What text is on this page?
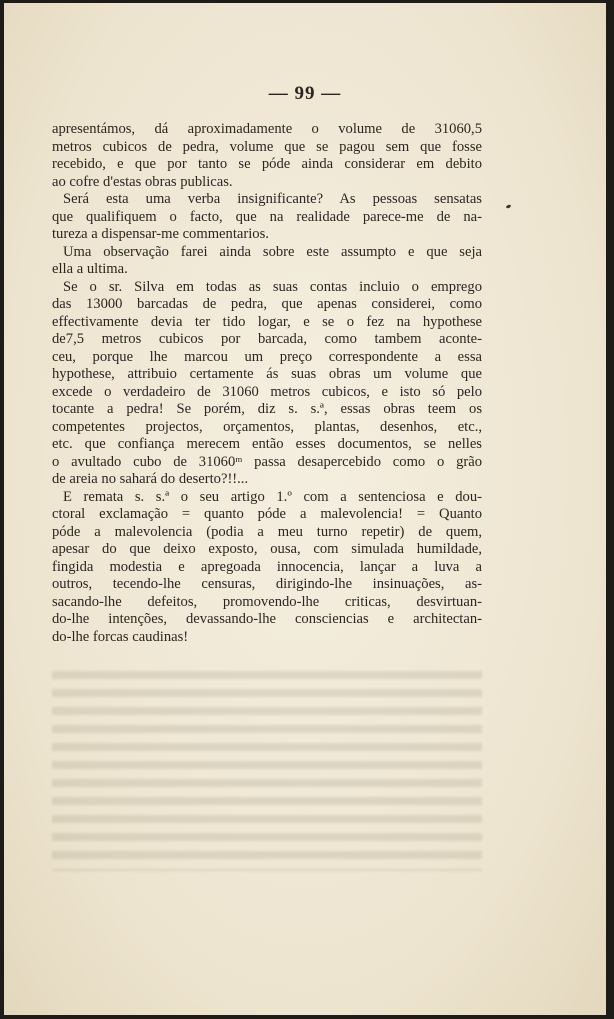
— 99 —
apresentámos, dá aproximadamente o volume de 31060,5
metros cubicos de pedra, volume que se pagou sem que fosse
recebido, e que por tanto se póde ainda considerar em debito
ao cofre d'estas obras publicas.
Será esta uma verba insignificante? As pessoas sensatas
que qualifiquem o facto, que na realidade parece-me de na-
tureza a dispensar-me commentarios.
Uma observação farei ainda sobre este assumpto e que seja
ella a ultima.
Se o sr. Silva em todas as suas contas incluio o emprego
das 13000 barcadas de pedra, que apenas considerei, como
effectivamente devia ter tido logar, e se o fez na hypothese
de7,5 metros cubicos por barcada, como tambem aconte-
ceu, porque lhe marcou um preço correspondente a essa
hypothese, attribuio certamente ás suas obras um volume que
excede o verdadeiro de 31060 metros cubicos, e isto só pelo
tocante a pedra! Se porém, diz s. s.ª, essas obras teem os
competentes projectos, orçamentos, plantas, desenhos, etc.,
etc. que confiança merecem então esses documentos, se nelles
o avultado cubo de 31060ᵐ passa desapercebido como o grão
de areia no sahará do deserto?!!...
E remata s. s.ª o seu artigo 1.º com a sentenciosa e dou-
ctoral exclamação = quanto póde a malevolencia! = Quanto
póde a malevolencia (podia a meu turno repetir) de quem,
apesar do que deixo exposto, ousa, com simulada humildade,
fingida modestia e apregoada innocencia, lançar a luva a
outros, tecendo-lhe censuras, dirigindo-lhe insinuações, as-
sacando-lhe defeitos, promovendo-lhe criticas, desvirtuan-
do-lhe intenções, devassando-lhe consciencias e architectan-
do-lhe forcas caudinas!
